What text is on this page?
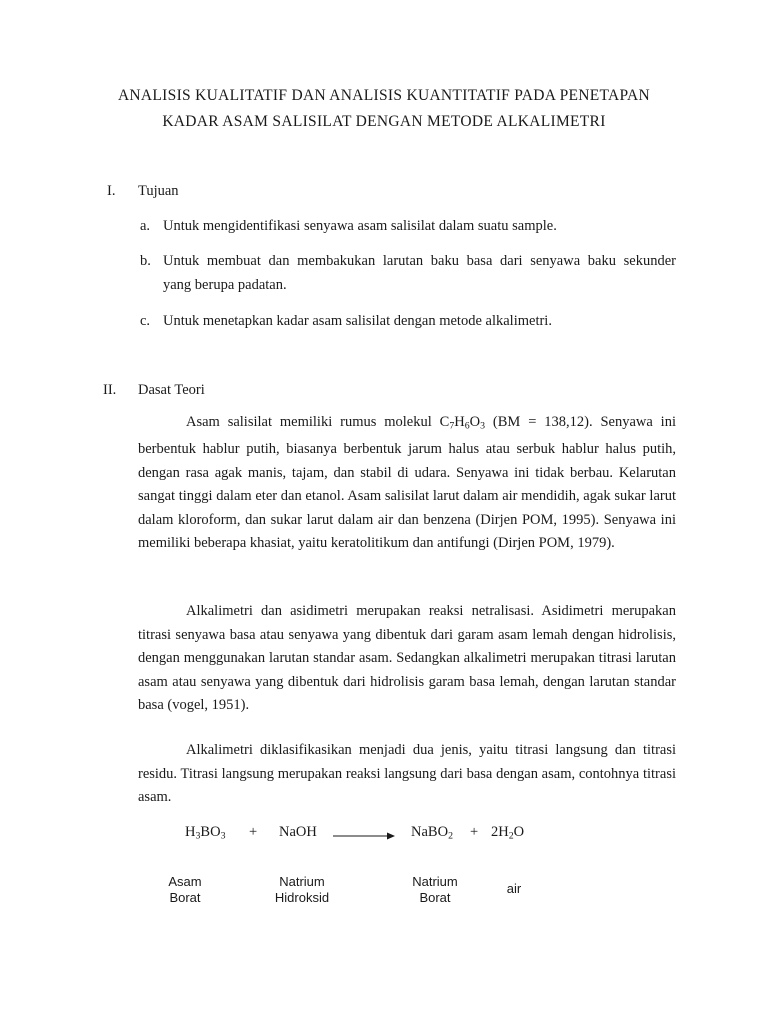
ANALISIS KUALITATIF DAN ANALISIS KUANTITATIF PADA PENETAPAN
KADAR ASAM SALISILAT DENGAN METODE ALKALIMETRI
I. Tujuan
a. Untuk mengidentifikasi senyawa asam salisilat dalam suatu sample.
b. Untuk membuat dan membakukan larutan baku basa dari senyawa baku sekunder
yang berupa padatan.
c. Untuk menetapkan kadar asam salisilat dengan metode alkalimetri.
II. Dasat Teori
Asam salisilat memiliki rumus molekul $C_7H_6O_3$ (BM = 138,12). Senyawa ini berbentuk hablur putih, biasanya berbentuk jarum halus atau serbuk hablur halus putih, dengan rasa agak manis, tajam, dan stabil di udara. Senyawa ini tidak berbau. Kelarutan sangat tinggi dalam eter dan etanol. Asam salisilat larut dalam air mendidih, agak sukar larut dalam kloroform, dan sukar larut dalam air dan benzena (Dirjen POM, 1995). Senyawa ini memiliki beberapa khasiat, yaitu keratolitikum dan antifungi (Dirjen POM, 1979).
Alkalimetri dan asidimetri merupakan reaksi netralisasi. Asidimetri merupakan titrasi senyawa basa atau senyawa yang dibentuk dari garam asam lemah dengan hidrolisis, dengan menggunakan larutan standar asam. Sedangkan alkalimetri merupakan titrasi larutan asam atau senyawa yang dibentuk dari hidrolisis garam basa lemah, dengan larutan standar basa (vogel, 1951).
Alkalimetri diklasifikasikan menjadi dua jenis, yaitu titrasi langsung dan titrasi residu. Titrasi langsung merupakan reaksi langsung dari basa dengan asam, contohnya titrasi asam.
$H_3BO_3$ + NaOH → NaBO$_2$ + $2H_2O$
Asam
Borat
Natrium
Hidroksid
Natrium
Borat
air
